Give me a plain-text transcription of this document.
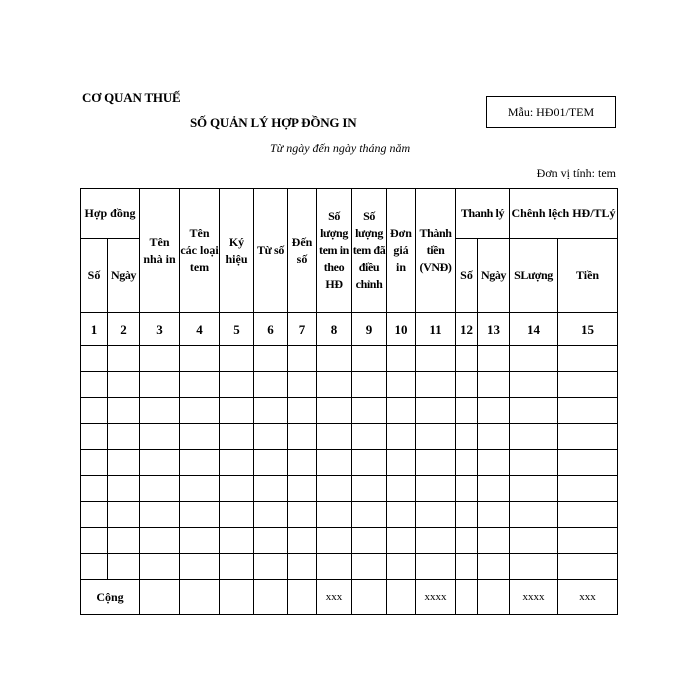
CƠ QUAN THUẾ
SỐ QUẢN LÝ HỢP ĐỒNG IN
Mẫu: HĐ01/TEM
Từ ngày đến ngày tháng năm
Đơn vị tính: tem
Hợp đồng		Tên nhà in	Tên các loại tem	Ký hiệu	Từ số	Đến số	Số lượng tem in theo HĐ	Số lượng tem đã điều chỉnh	Đơn giá in	Thành tiền (VNĐ)	Thanh lý		Chênh lệch HĐ/TLý	
Số	Ngày										Số	Ngày	SLượng	Tiền
1	2	3	4	5	6	7	8	9	10	11	12	13	14	15

Cộng							xxx			xxxx			xxxx	xxx
